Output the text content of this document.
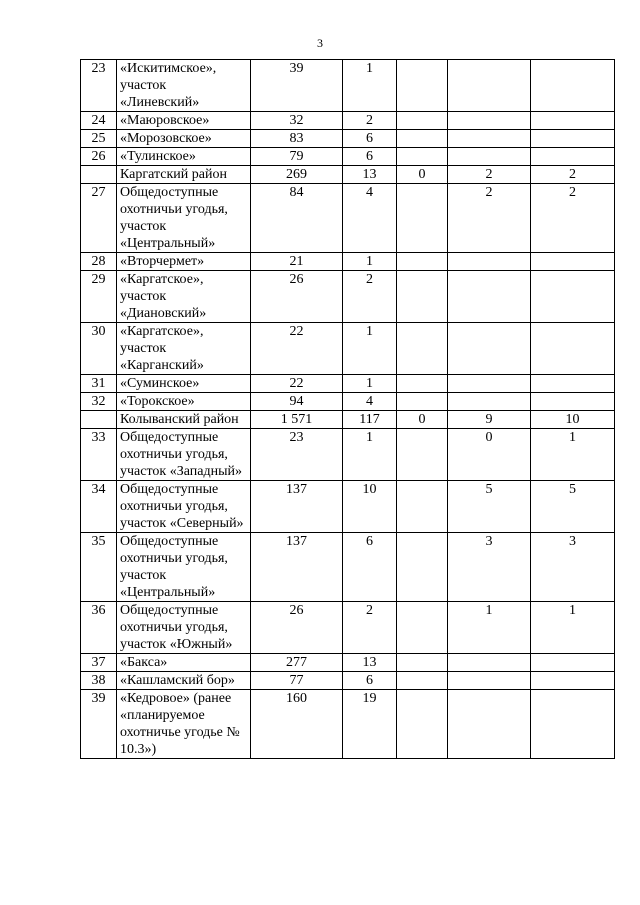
3
23	«Искитимское», участок «Линевский»	39	1			
24	«Маюровское»	32	2			
25	«Морозовское»	83	6			
26	«Тулинское»	79	6			
	Каргатский район	269	13	0	2	2
27	Общедоступные охотничьи угодья, участок «Центральный»	84	4		2	2
28	«Вторчермет»	21	1			
29	«Каргатское», участок «Диановский»	26	2			
30	«Каргатское», участок «Карганский»	22	1			
31	«Суминское»	22	1			
32	«Торокское»	94	4			
	Колыванский район	1 571	117	0	9	10
33	Общедоступные охотничьи угодья, участок «Западный»	23	1		0	1
34	Общедоступные охотничьи угодья, участок «Северный»	137	10		5	5
35	Общедоступные охотничьи угодья, участок «Центральный»	137	6		3	3
36	Общедоступные охотничьи угодья, участок «Южный»	26	2		1	1
37	«Бакса»	277	13			
38	«Кашламский бор»	77	6			
39	«Кедровое» (ранее «планируемое охотничье угодье № 10.3»)	160	19			
